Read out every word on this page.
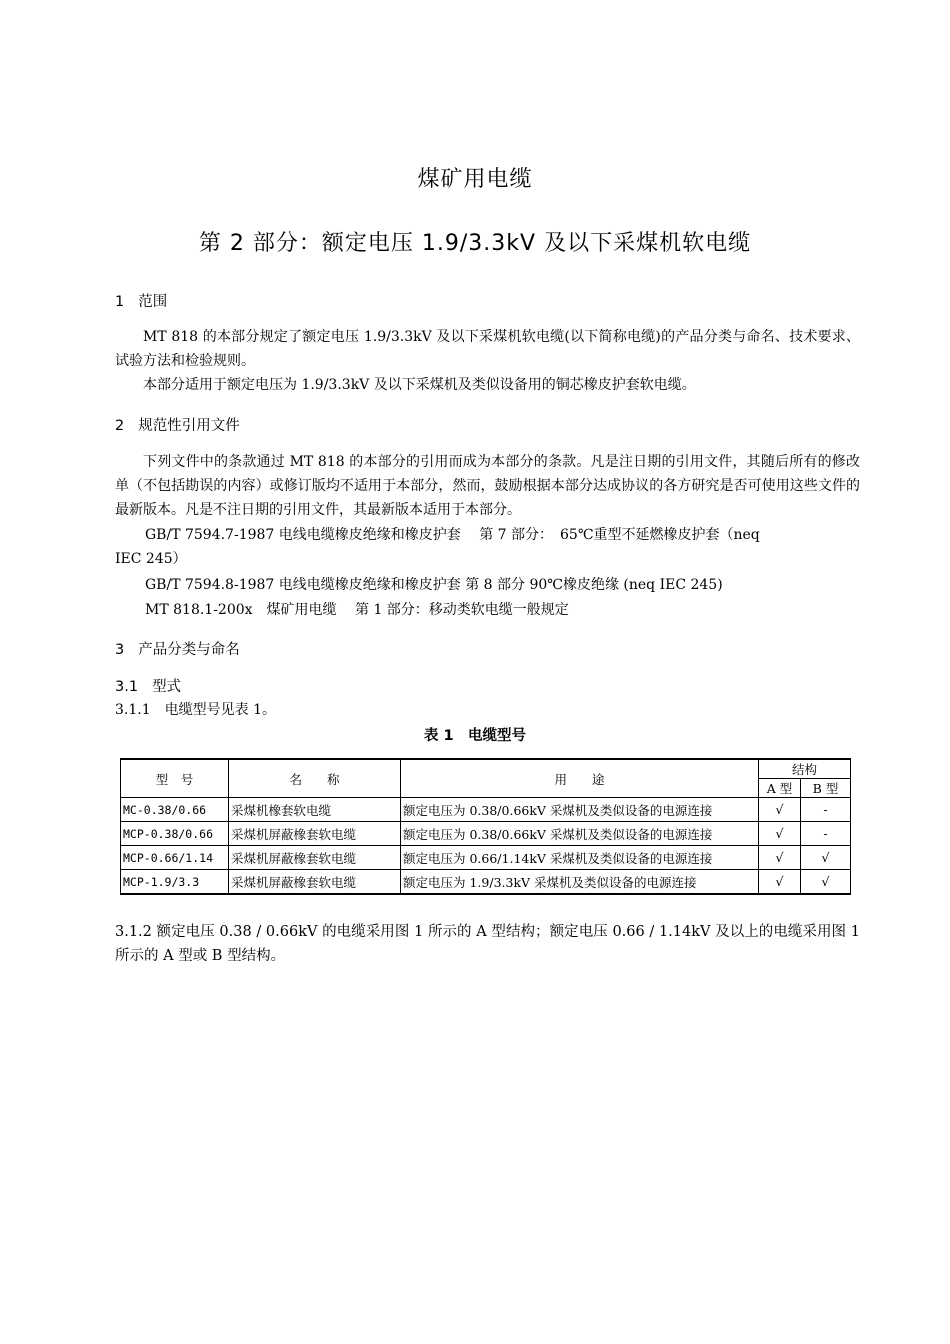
煤矿用电缆
第 2 部分：额定电压 1.9/3.3kV 及以下采煤机软电缆
1 范围

MT 818 的本部分规定了额定电压 1.9/3.3kV 及以下采煤机软电缆(以下简称电缆)的产品分类与命名、技术要求、试验方法和检验规则。

本部分适用于额定电压为 1.9/3.3kV 及以下采煤机及类似设备用的铜芯橡皮护套软电缆。

2 规范性引用文件

下列文件中的条款通过 MT 818 的本部分的引用而成为本部分的条款。凡是注日期的引用文件，其随后所有的修改单（不包括勘误的内容）或修订版均不适用于本部分，然而，鼓励根据本部分达成协议的各方研究是否可使用这些文件的最新版本。凡是不注日期的引用文件，其最新版本适用于本部分。

GB/T 7594.7-1987 电线电缆橡皮绝缘和橡皮护套　 第 7 部分：　65℃重型不延燃橡皮护套（neq
IEC 245）
GB/T 7594.8-1987 电线电缆橡皮绝缘和橡皮护套 第 8 部分 90℃橡皮绝缘 (neq IEC 245)
MT 818.1-200x　煤矿用电缆　 第 1 部分：移动类软电缆一般规定
3 产品分类与命名
3.1 型式
3.1.1　电缆型号见表 1。
表 1　电缆型号
型　号	名　　称	用　　途	结构	
			A 型	B 型
MC-0.38/0.66	采煤机橡套软电缆	额定电压为 0.38/0.66kV 采煤机及类似设备的电源连接	√	-
MCP-0.38/0.66	采煤机屏蔽橡套软电缆	额定电压为 0.38/0.66kV 采煤机及类似设备的电源连接	√	-
MCP-0.66/1.14	采煤机屏蔽橡套软电缆	额定电压为 0.66/1.14kV 采煤机及类似设备的电源连接	√	√
MCP-1.9/3.3	采煤机屏蔽橡套软电缆	额定电压为 1.9/3.3kV 采煤机及类似设备的电源连接	√	√

3.1.2 额定电压 0.38 / 0.66kV 的电缆采用图 1 所示的 A 型结构；额定电压 0.66 / 1.14kV 及以上的电缆采用图 1 所示的 A 型或 B 型结构。
